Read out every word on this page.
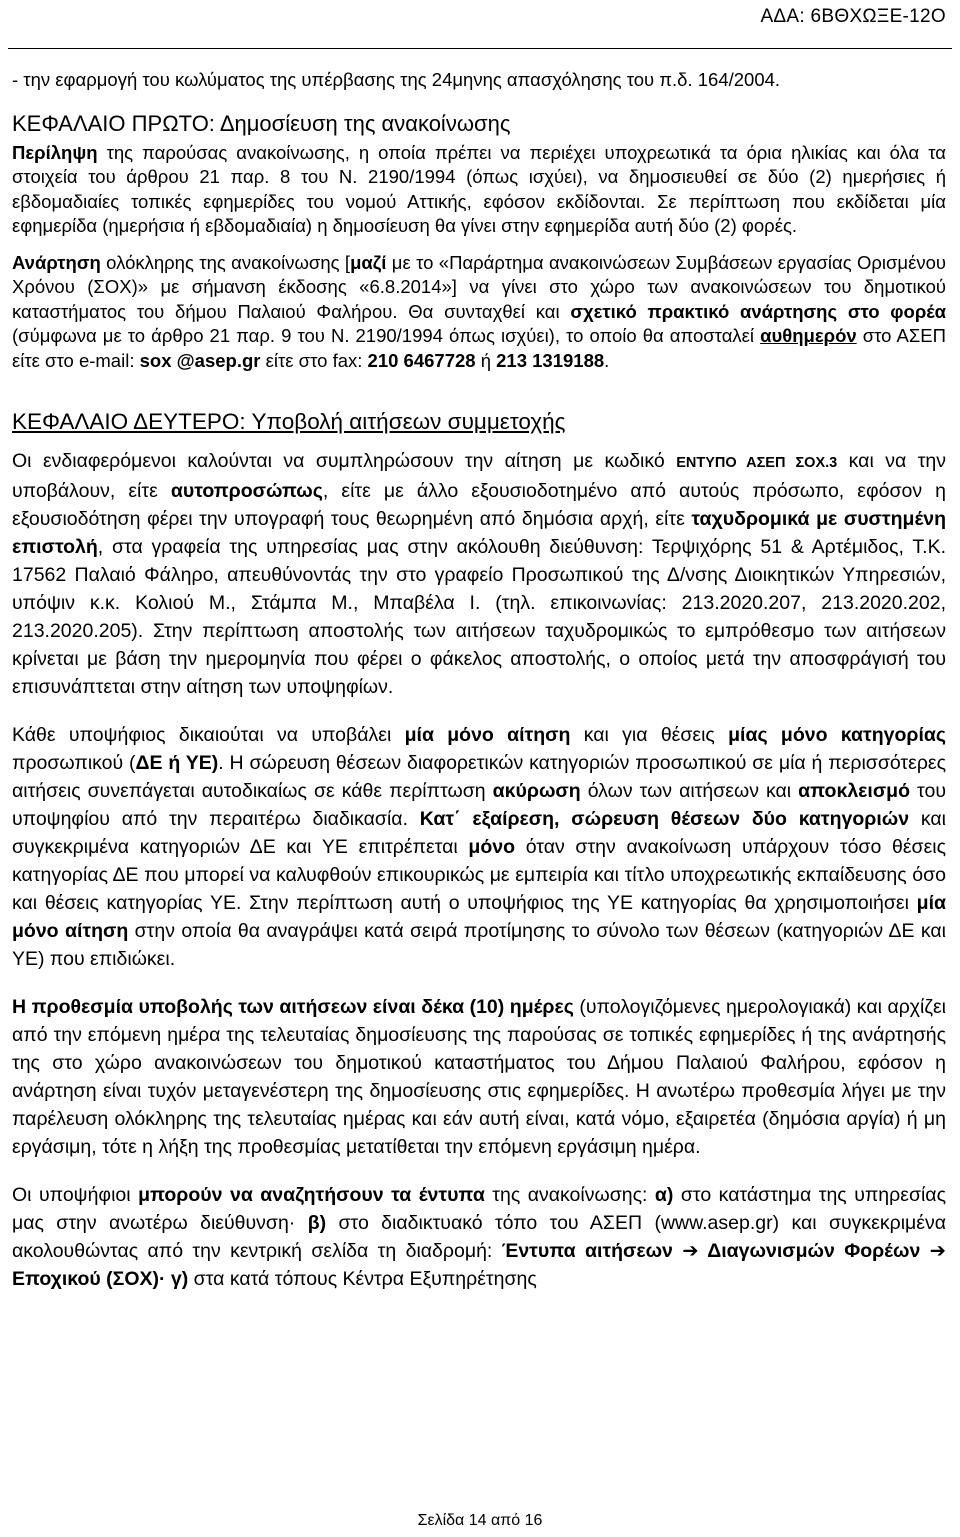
ΑΔΑ: 6ΒΘΧΩΞΕ-12Ο

- την εφαρμογή του κωλύματος της υπέρβασης της 24μηνης απασχόλησης του π.δ. 164/2004.

ΚΕΦΑΛΑΙΟ ΠΡΩΤΟ: Δημοσίευση της ανακοίνωσης

Περίληψη της παρούσας ανακοίνωσης, η οποία πρέπει να περιέχει υποχρεωτικά τα όρια ηλικίας και όλα τα στοιχεία του άρθρου 21 παρ. 8 του Ν. 2190/1994 (όπως ισχύει), να δημοσιευθεί σε δύο (2) ημερήσιες ή εβδομαδιαίες τοπικές εφημερίδες του νομού Αττικής, εφόσον εκδίδονται. Σε περίπτωση που εκδίδεται μία εφημερίδα (ημερήσια ή εβδομαδιαία) η δημοσίευση θα γίνει στην εφημερίδα αυτή δύο (2) φορές.

Ανάρτηση ολόκληρης της ανακοίνωσης [μαζί με το «Παράρτημα ανακοινώσεων Συμβάσεων εργασίας Ορισμένου Χρόνου (ΣΟΧ)» με σήμανση έκδοσης «6.8.2014»] να γίνει στο χώρο των ανακοινώσεων του δημοτικού καταστήματος του δήμου Παλαιού Φαλήρου. Θα συνταχθεί και σχετικό πρακτικό ανάρτησης στο φορέα (σύμφωνα με το άρθρο 21 παρ. 9 του Ν. 2190/1994 όπως ισχύει), το οποίο θα αποσταλεί αυθημερόν στο ΑΣΕΠ είτε στο e-mail: sox @asep.gr είτε στο fax: 210 6467728 ή 213 1319188.

ΚΕΦΑΛΑΙΟ ΔΕΥΤΕΡΟ: Υποβολή αιτήσεων συμμετοχής

Οι ενδιαφερόμενοι καλούνται να συμπληρώσουν την αίτηση με κωδικό ΕΝΤΥΠΟ ΑΣΕΠ ΣΟΧ.3 και να την υποβάλουν, είτε αυτοπροσώπως, είτε με άλλο εξουσιοδοτημένο από αυτούς πρόσωπο, εφόσον η εξουσιοδότηση φέρει την υπογραφή τους θεωρημένη από δημόσια αρχή, είτε ταχυδρομικά με συστημένη επιστολή, στα γραφεία της υπηρεσίας μας στην ακόλουθη διεύθυνση: Τερψιχόρης 51 & Αρτέμιδος, Τ.Κ. 17562 Παλαιό Φάληρο, απευθύνοντάς την στο γραφείο Προσωπικού της Δ/νσης Διοικητικών Υπηρεσιών, υπόψιν κ.κ. Κολιού Μ., Στάμπα Μ., Μπαβέλα Ι. (τηλ. επικοινωνίας: 213.2020.207, 213.2020.202, 213.2020.205). Στην περίπτωση αποστολής των αιτήσεων ταχυδρομικώς το εμπρόθεσμο των αιτήσεων κρίνεται με βάση την ημερομηνία που φέρει ο φάκελος αποστολής, ο οποίος μετά την αποσφράγισή του επισυνάπτεται στην αίτηση των υποψηφίων.

Κάθε υποψήφιος δικαιούται να υποβάλει μία μόνο αίτηση και για θέσεις μίας μόνο κατηγορίας προσωπικού (ΔΕ ή ΥΕ). Η σώρευση θέσεων διαφορετικών κατηγοριών προσωπικού σε μία ή περισσότερες αιτήσεις συνεπάγεται αυτοδικαίως σε κάθε περίπτωση ακύρωση όλων των αιτήσεων και αποκλεισμό του υποψηφίου από την περαιτέρω διαδικασία. Κατ΄ εξαίρεση, σώρευση θέσεων δύο κατηγοριών και συγκεκριμένα κατηγοριών ΔΕ και ΥΕ επιτρέπεται μόνο όταν στην ανακοίνωση υπάρχουν τόσο θέσεις κατηγορίας ΔΕ που μπορεί να καλυφθούν επικουρικώς με εμπειρία και τίτλο υποχρεωτικής εκπαίδευσης όσο και θέσεις κατηγορίας ΥΕ. Στην περίπτωση αυτή ο υποψήφιος της ΥΕ κατηγορίας θα χρησιμοποιήσει μία μόνο αίτηση στην οποία θα αναγράψει κατά σειρά προτίμησης το σύνολο των θέσεων (κατηγοριών ΔΕ και ΥΕ) που επιδιώκει.

Η προθεσμία υποβολής των αιτήσεων είναι δέκα (10) ημέρες (υπολογιζόμενες ημερολογιακά) και αρχίζει από την επόμενη ημέρα της τελευταίας δημοσίευσης της παρούσας σε τοπικές εφημερίδες ή της ανάρτησής της στο χώρο ανακοινώσεων του δημοτικού καταστήματος του Δήμου Παλαιού Φαλήρου, εφόσον η ανάρτηση είναι τυχόν μεταγενέστερη της δημοσίευσης στις εφημερίδες. Η ανωτέρω προθεσμία λήγει με την παρέλευση ολόκληρης της τελευταίας ημέρας και εάν αυτή είναι, κατά νόμο, εξαιρετέα (δημόσια αργία) ή μη εργάσιμη, τότε η λήξη της προθεσμίας μετατίθεται την επόμενη εργάσιμη ημέρα.

Οι υποψήφιοι μπορούν να αναζητήσουν τα έντυπα της ανακοίνωσης: α) στο κατάστημα της υπηρεσίας μας στην ανωτέρω διεύθυνση· β) στο διαδικτυακό τόπο του ΑΣΕΠ (www.asep.gr) και συγκεκριμένα ακολουθώντας από την κεντρική σελίδα τη διαδρομή: Έντυπα αιτήσεων ➔ Διαγωνισμών Φορέων ➔ Εποχικού (ΣΟΧ)· γ) στα κατά τόπους Κέντρα Εξυπηρέτησης

Σελίδα 14 από 16
